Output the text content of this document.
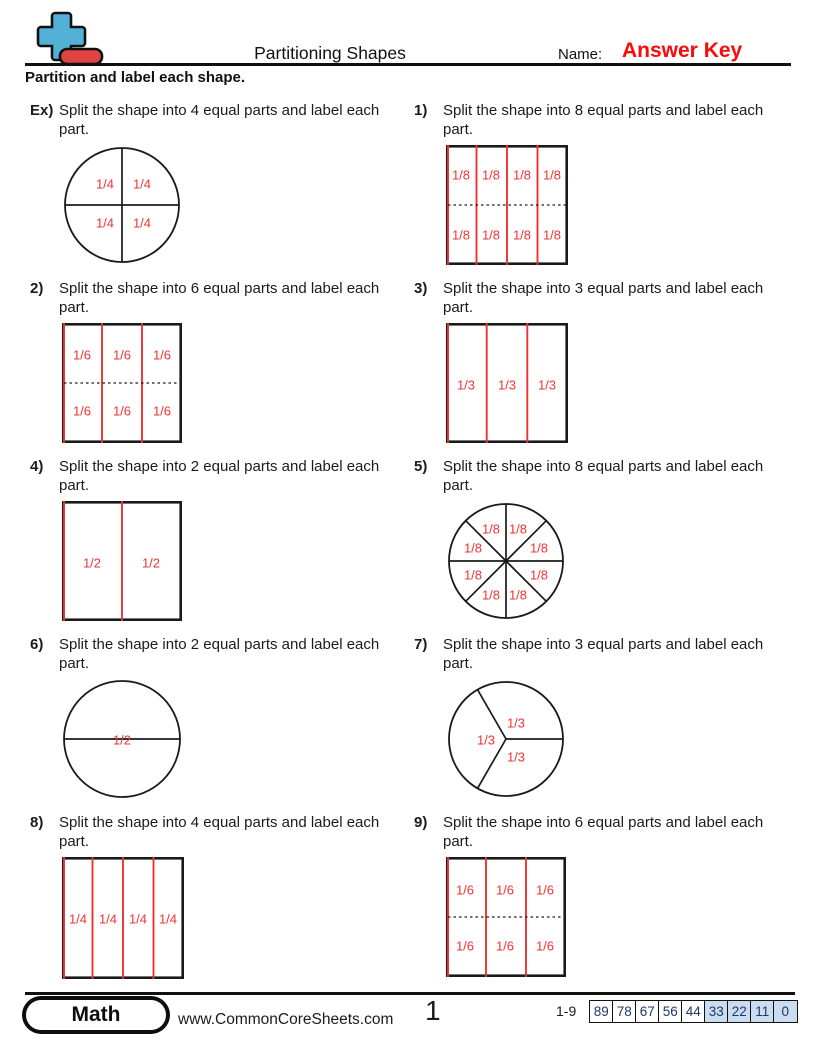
Partitioning Shapes	Name: Answer Key
Partition and label each shape.
Ex) Split the shape into 4 equal parts and label each part.
1/4 1/4
1/4 1/4
1)	Split the shape into 8 equal parts and label each part.
1/8 1/8 1/8 1/8
1/8 1/8 1/8 1/8
2)	Split the shape into 6 equal parts and label each part.
1/6 1/6 1/6
1/6 1/6 1/6
3)	Split the shape into 3 equal parts and label each part.
1/3 1/3 1/3
4)	Split the shape into 2 equal parts and label each part.
1/2	1/2
5)	Split the shape into 8 equal parts and label each part.
1/8 1/8
1/8	1/8
1/8	1/8
1/8 1/8
6)	Split the shape into 2 equal parts and label each part.
1/2
7)	Split the shape into 3 equal parts and label each part.
1/3
1/3
1/3
8)	Split the shape into 4 equal parts and label each part.
1/4 1/4 1/4 1/4
9)	Split the shape into 6 equal parts and label each part.
1/6 1/6 1/6
1/6 1/6 1/6
Math	www.CommonCoreSheets.com 1	1-9	89 78 67 56 44 33 22 11 0
